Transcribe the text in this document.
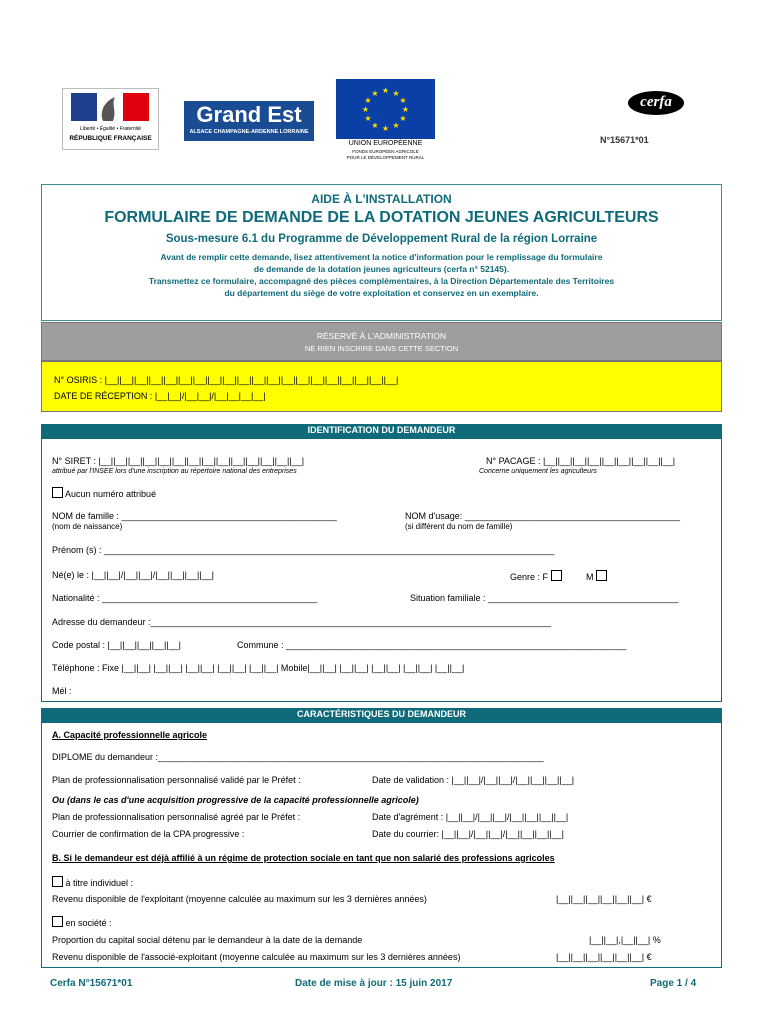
Liberté • Égalité • Fraternité
RÉPUBLIQUE FRANÇAISE
Grand Est
ALSACE CHAMPAGNE-ARDENNE LORRAINE
★ ★
★
★
★
★
★
★
★
★
★
★
UNION EUROPÉENNE
FONDS EUROPÉEN AGRICOLE
POUR LE DÉVELOPPEMENT RURAL
cerfa
N°15671*01
AIDE À L'INSTALLATION
FORMULAIRE DE DEMANDE DE LA DOTATION JEUNES AGRICULTEURS
Sous-mesure 6.1 du Programme de Développement Rural de la région Lorraine
Avant de remplir cette demande, lisez attentivement la notice d'information pour le remplissage du formulaire
de demande de la dotation jeunes agriculteurs (cerfa n° 52145).
Transmettez ce formulaire, accompagné des pièces complémentaires, à la Direction Départementale des Territoires
du département du siège de votre exploitation et conservez en un exemplaire.
RÉSERVÉ À L'ADMINISTRATION
NE RIEN INSCRIRE DANS CETTE SECTION
N° OSIRIS : |__||__||__||__||__||__||__||__||__||__||__||__||__||__||__||__||__||__||__||__|
DATE DE RÉCEPTION : |__|__|/|__|__|/|__|__|__|__|
IDENTIFICATION DU DEMANDEUR
N° SIRET : |__||__||__||__||__||__||__||__||__||__||__||__||__||__|
attribué par l'INSEE lors d'une inscription au répertoire national des entreprises
N° PACAGE : |__||__||__||__||__||__||__||__||__|
Concerne uniquement les agriculteurs
Aucun numéro attribué
NOM de famille : ___________________________________________
(nom de naissance)
NOM d'usage: ___________________________________________
(si différent du nom de famille)
Prénom (s) : __________________________________________________________________________________________
Né(e) le : |__||__|/|__||__|/|__||__||__||__|	Genre : F	M
Nationalité : ___________________________________________	Situation familiale : ______________________________________
Adresse du demandeur :________________________________________________________________________________
Code postal : |__||__||__||__||__|	Commune : ____________________________________________________________________
Téléphone : Fixe |__||__| |__||__| |__||__| |__||__| |__||__| Mobile|__||__| |__||__| |__||__| |__||__| |__||__|
Mél :
CARACTÉRISTIQUES DU DEMANDEUR
A. Capacité professionnelle agricole
DIPLOME du demandeur :_____________________________________________________________________________
Plan de professionnalisation personnalisé validé par le Préfet :	Date de validation : |__||__|/|__||__|/|__||__||__||__|
Ou (dans le cas d'une acquisition progressive de la capacité professionnelle agricole)
Plan de professionnalisation personnalisé agréé par le Préfet :	Date d'agrément : |__||__|/|__||__|/|__||__||__||__|
Courrier de confirmation de la CPA progressive :	Date du courrier: |__||__|/|__||__|/|__||__||__||__|
B. Si le demandeur est déjà affilié à un régime de protection sociale en tant que non salarié des professions agricoles
à titre individuel :
Revenu disponible de l'exploitant (moyenne calculée au maximum sur les 3 dernières années)	|__||__||__||__||__||__| €
en société :
Proportion du capital social détenu par le demandeur à la date de la demande	|__||__|,|__||__| %
Revenu disponible de l'associé-exploitant (moyenne calculée au maximum sur les 3 dernières années)	|__||__||__||__||__||__| €
Cerfa N°15671*01	Date de mise à jour : 15 juin 2017	Page 1 / 4
